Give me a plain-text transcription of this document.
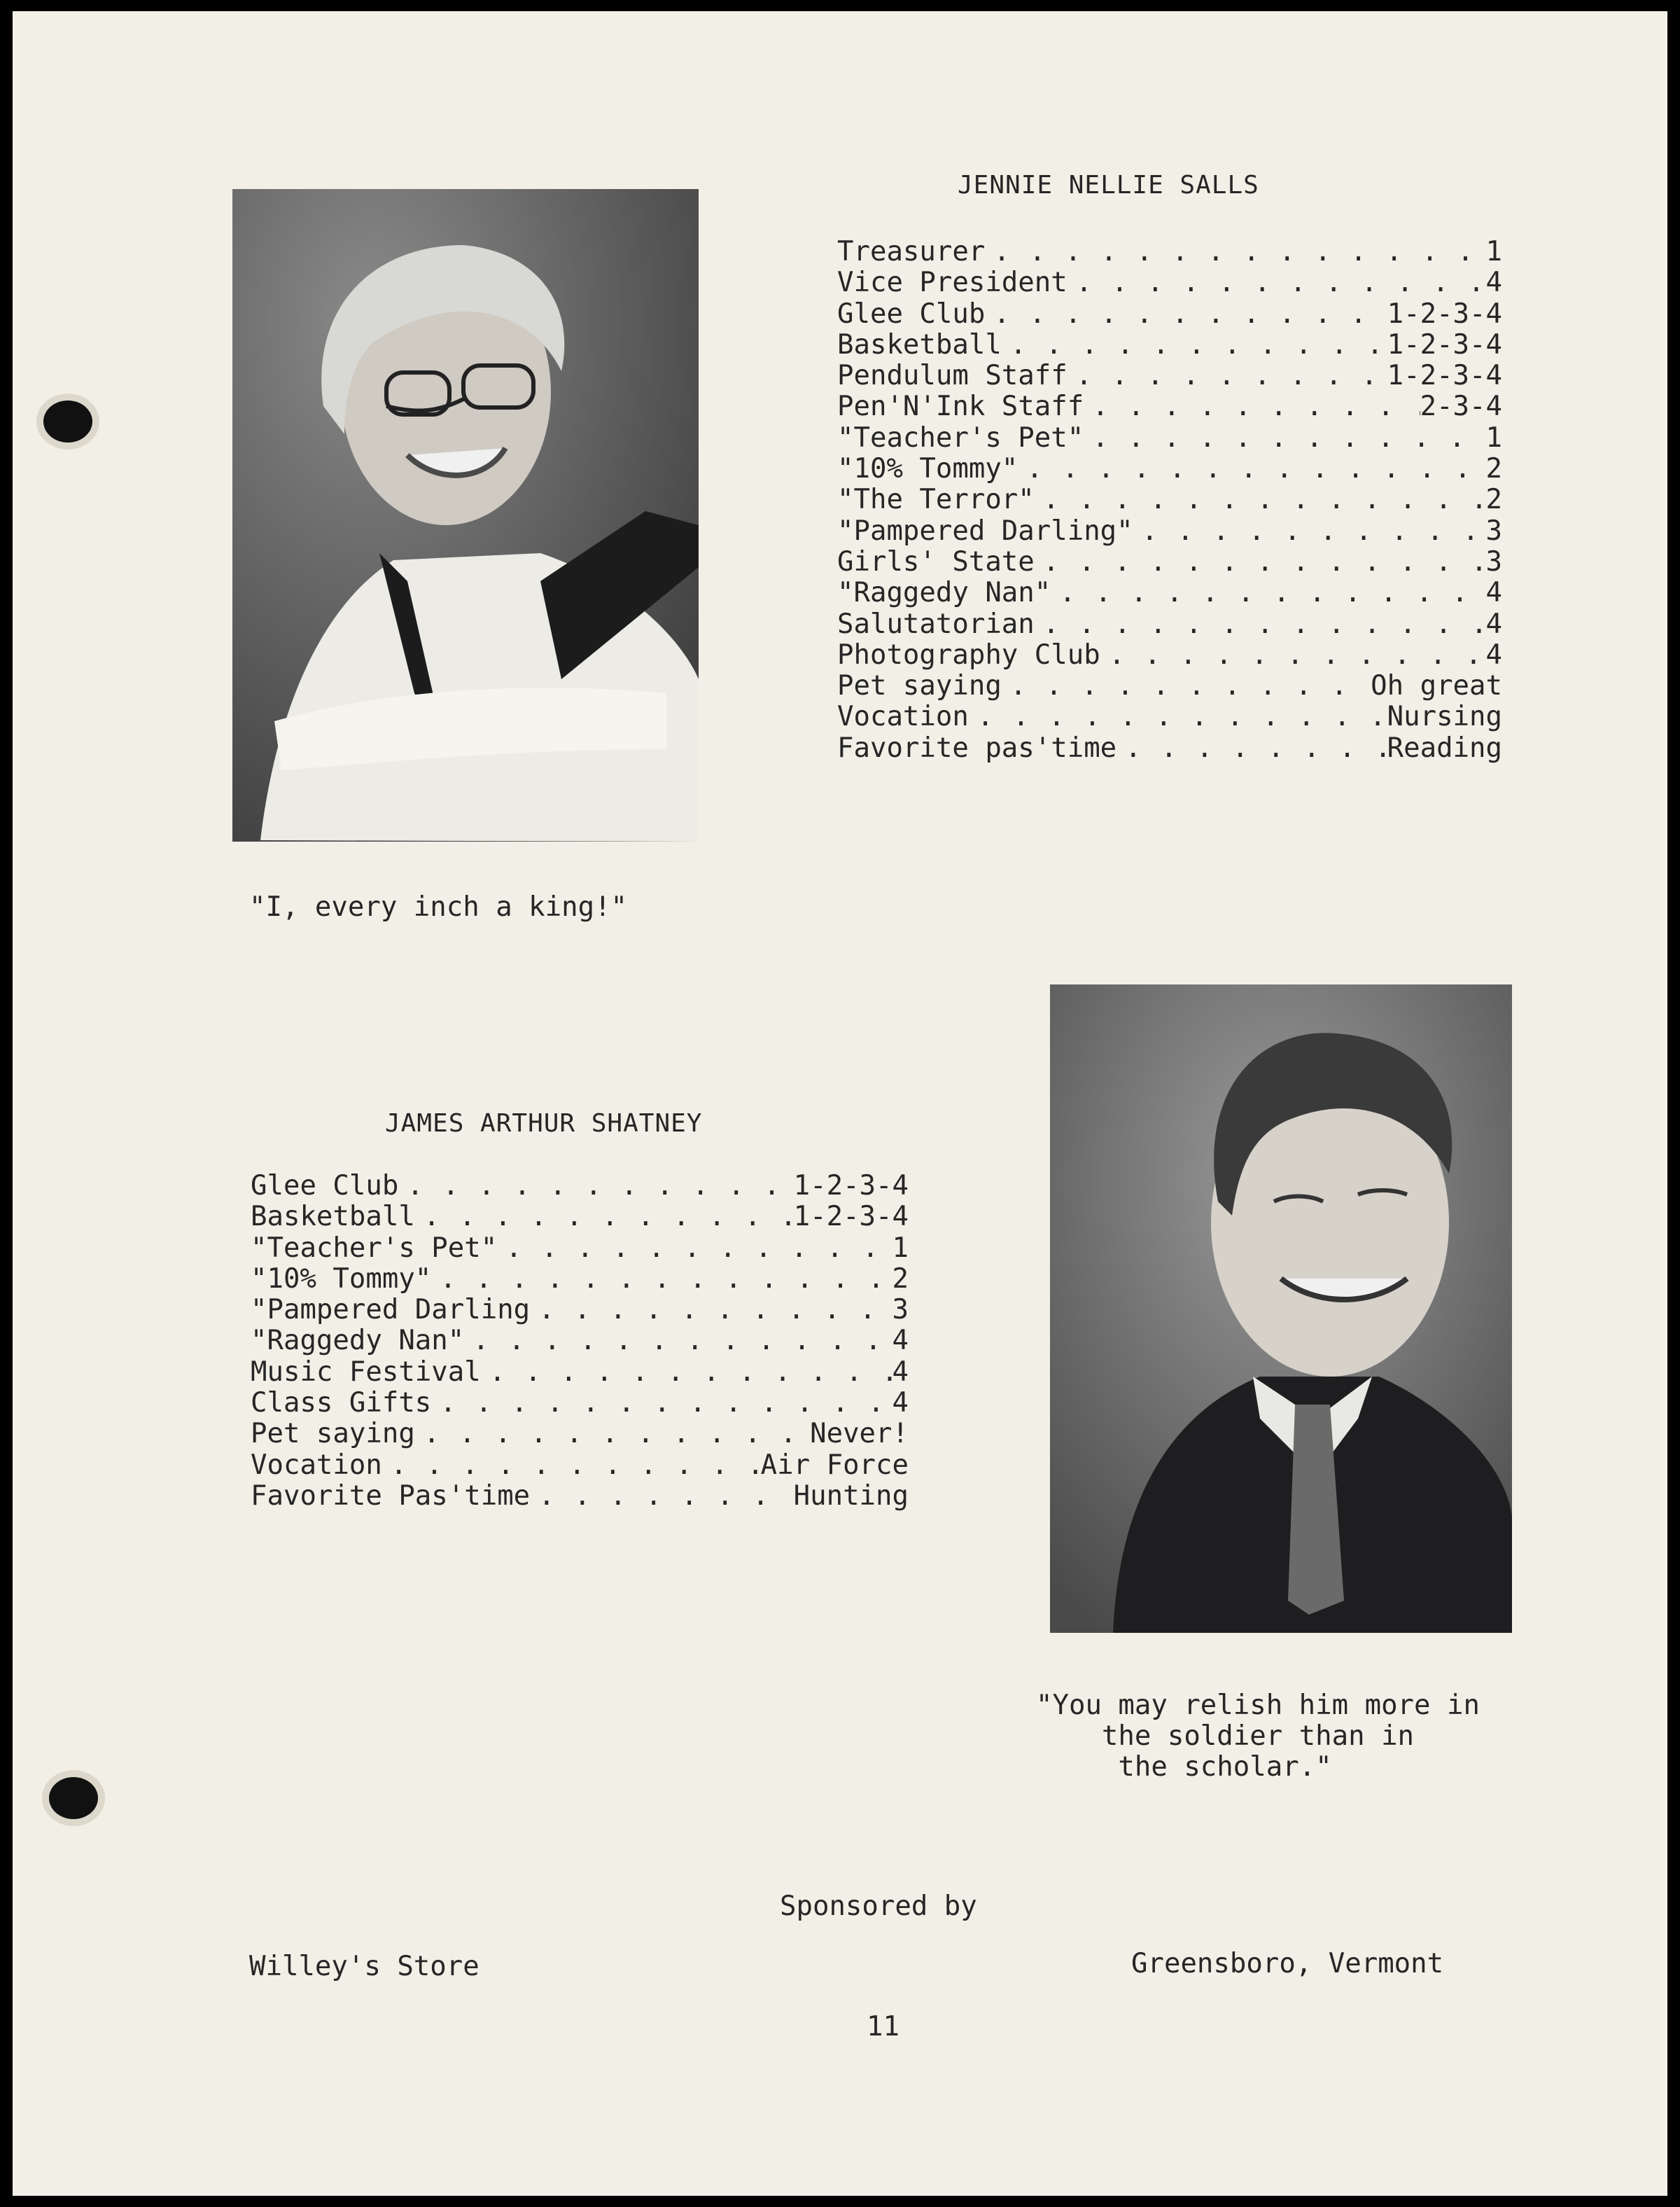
JENNIE NELLIE SALLS
Treasurer . . .	1
Vice President . . .	4
Glee Club . . .	1-2-3-4
Basketball . . .	1-2-3-4
Pendulum Staff . . .	1-2-3-4
Pen'N'Ink Staff . . .	2-3-4
"Teacher's Pet" . . .	1
"10% Tommy" . . .	2
"The Terror" . . .	2
"Pampered Darling" . . .	3
Girls' State . . .	3
"Raggedy Nan" . . .	4
Salutatorian . . .	4
Photography Club . . .	4
Pet saying . . .	Oh great
Vocation . . .	Nursing
Favorite pas'time . . .	Reading
"I, every inch a king!"
JAMES ARTHUR SHATNEY
Glee Club . . .	1-2-3-4
Basketball . . .	1-2-3-4
"Teacher's Pet" . . .	1
"10% Tommy" . . .	2
"Pampered Darling . . .	3
"Raggedy Nan" . . .	4
Music Festival . . .	4
Class Gifts . . .	4
Pet saying . . .	Never!
Vocation . . .	Air Force
Favorite Pas'time . . .	Hunting
"You may relish him more in
the soldier than in
the scholar."
Sponsored by
Willey's Store	Greensboro, Vermont
11
